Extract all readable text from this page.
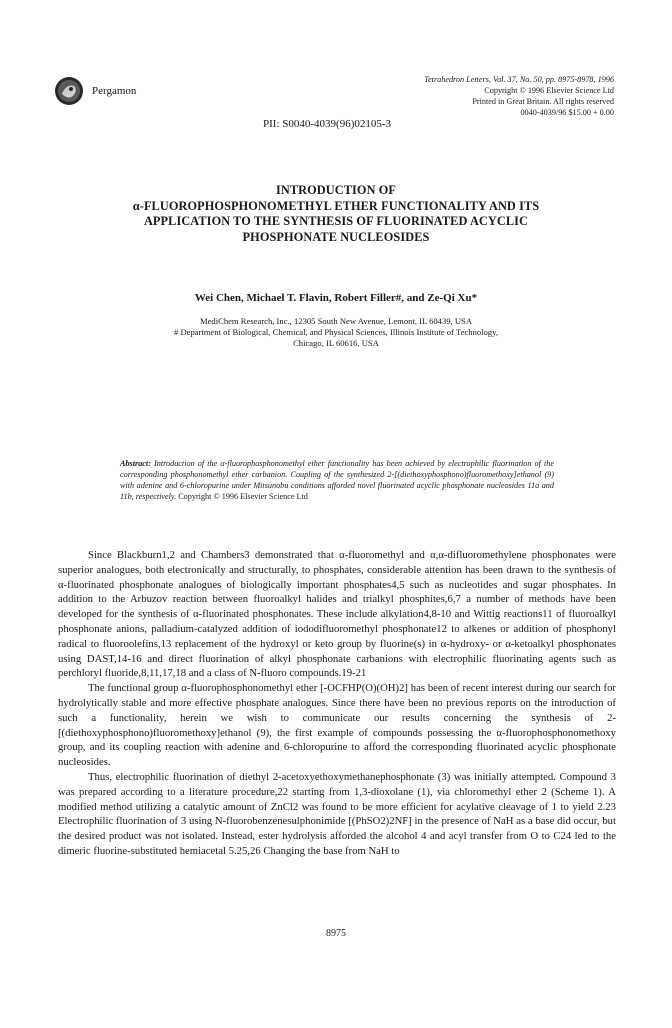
Pergamon
Tetrahedron Letters, Vol. 37, No. 50, pp. 8975-8978, 1996
Copyright © 1996 Elsevier Science Ltd
Printed in Great Britain. All rights reserved
0040-4039/96 $15.00 + 0.00
PII: S0040-4039(96)02105-3
INTRODUCTION OF
α-FLUOROPHOSPHONOMETHYL ETHER FUNCTIONALITY AND ITS
APPLICATION TO THE SYNTHESIS OF FLUORINATED ACYCLIC
PHOSPHONATE NUCLEOSIDES
Wei Chen, Michael T. Flavin, Robert Filler#, and Ze-Qi Xu*
MediChem Research, Inc., 12305 South New Avenue, Lemont, IL 60439, USA
# Department of Biological, Chemical, and Physical Sciences, Illinois Institute of Technology,
Chicago, IL 60616, USA
Abstract: Introduction of the α-fluorophosphonomethyl ether functionality has been achieved by electrophilic fluorination of the corresponding phosphonomethyl ether carbanion. Coupling of the synthesized 2-[(diethoxyphosphono)fluoromethoxy]ethanol (9) with adenine and 6-chloropurine under Mitsunobu conditions afforded novel fluorinated acyclic phosphonate nucleosides 11a and 11b, respectively. Copyright © 1996 Elsevier Science Ltd

Since Blackburn1,2 and Chambers3 demonstrated that α-fluoromethyl and α,α-difluoromethylene phosphonates were superior analogues, both electronically and structurally, to phosphates, considerable attention has been drawn to the synthesis of α-fluorinated phosphonate analogues of biologically important phosphates4,5 such as nucleotides and sugar phosphates. In addition to the Arbuzov reaction between fluoroalkyl halides and trialkyl phosphites,6,7 a number of methods have been developed for the synthesis of α-fluorinated phosphonates. These include alkylation4,8-10 and Wittig reactions11 of fluoroalkyl phosphonate anions, palladium-catalyzed addition of iododifluoromethyl phosphonate12 to alkenes or addition of phosphonyl radical to fluoroolefins,13 replacement of the hydroxyl or keto group by fluorine(s) in α-hydroxy- or α-ketoalkyl phosphonates using DAST,14-16 and direct fluorination of alkyl phosphonate carbanions with electrophilic fluorinating agents such as perchloryl fluoride,8,11,17,18 and a class of N-fluoro compounds.19-21

The functional group α-fluorophosphonomethyl ether [-OCFHP(O)(OH)2] has been of recent interest during our search for hydrolytically stable and more effective phosphate analogues. Since there have been no previous reports on the introduction of such a functionality, herein we wish to communicate our results concerning the synthesis of 2-[(diethoxyphosphono)fluoromethoxy]ethanol (9), the first example of compounds possessing the α-fluorophosphonomethoxy group, and its coupling reaction with adenine and 6-chloropurine to afford the corresponding fluorinated acyclic phosphonate nucleosides.

Thus, electrophilic fluorination of diethyl 2-acetoxyethoxymethanephosphonate (3) was initially attempted. Compound 3 was prepared according to a literature procedure,22 starting from 1,3-dioxolane (1), via chloromethyl ether 2 (Scheme 1). A modified method utilizing a catalytic amount of ZnCl2 was found to be more efficient for acylative cleavage of 1 to yield 2.23 Electrophilic fluorination of 3 using N-fluorobenzenesulphonimide [(PhSO2)2NF] in the presence of NaH as a base did occur, but the desired product was not isolated. Instead, ester hydrolysis afforded the alcohol 4 and acyl transfer from O to C24 led to the dimeric fluorine-substituted hemiacetal 5.25,26 Changing the base from NaH to

8975
